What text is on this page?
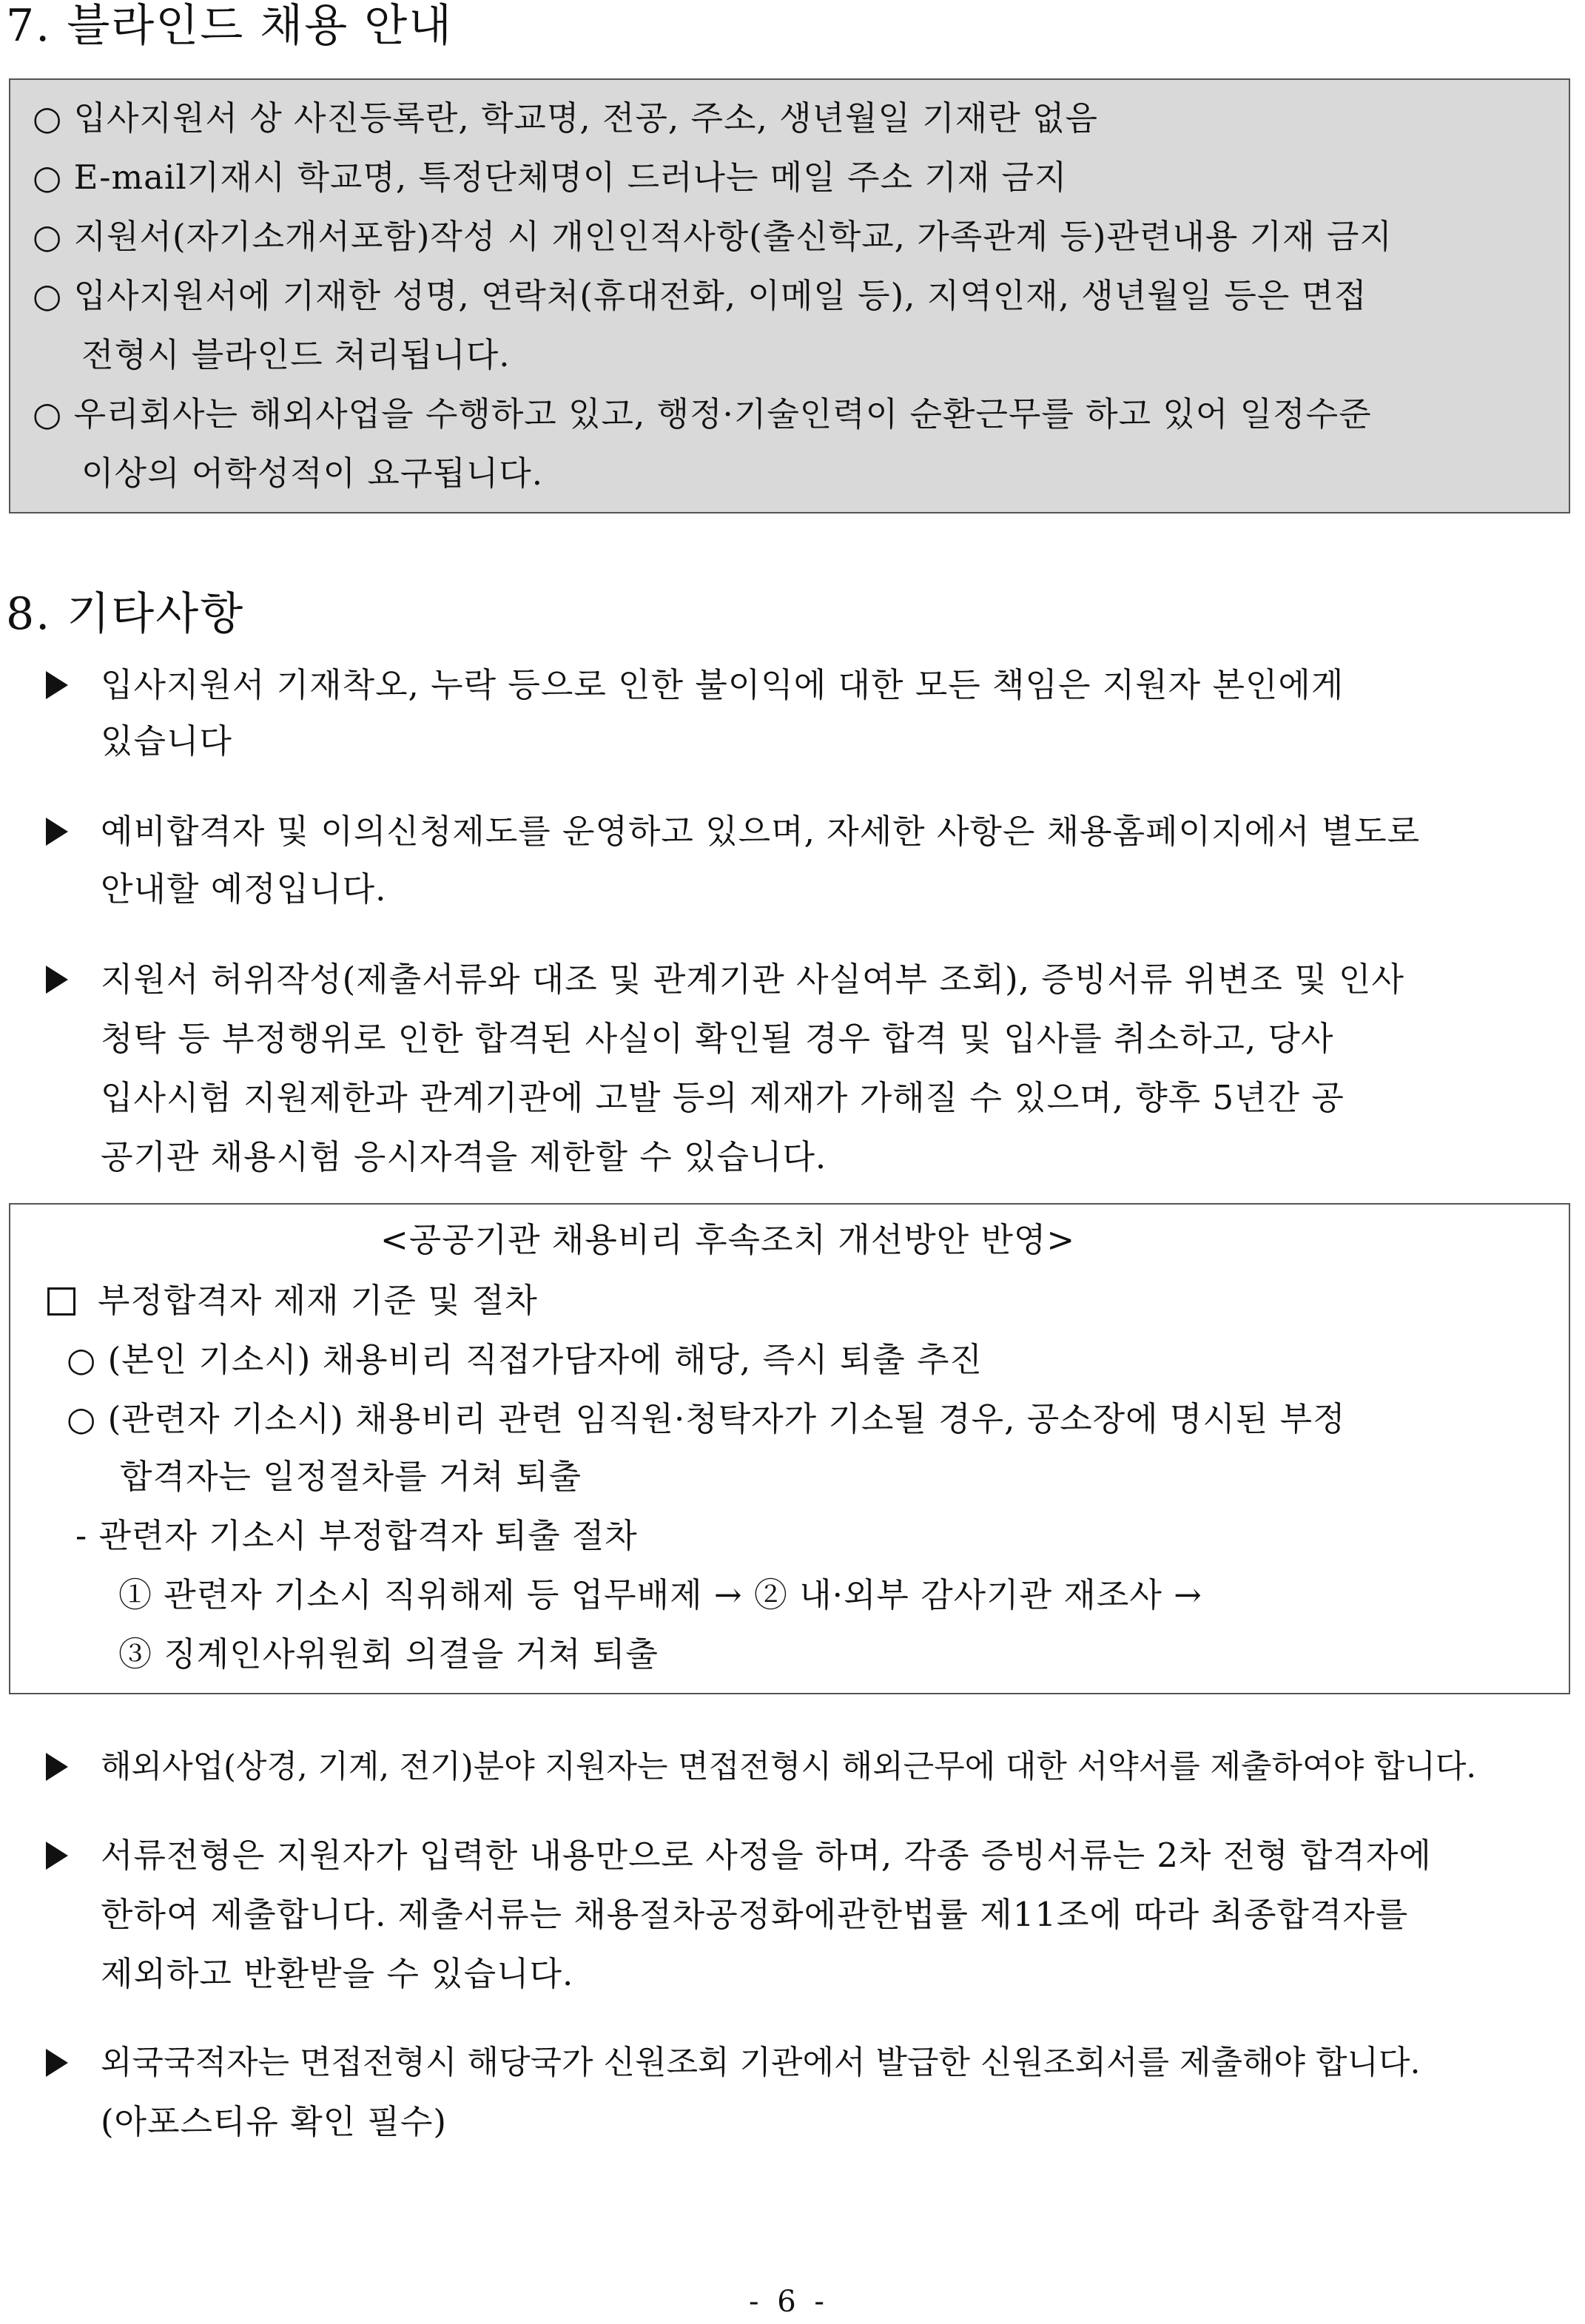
7. 블라인드 채용 안내
○ 입사지원서 상 사진등록란, 학교명, 전공, 주소, 생년월일 기재란 없음
○ E-mail기재시 학교명, 특정단체명이 드러나는 메일 주소 기재 금지
○ 지원서(자기소개서포함)작성 시 개인인적사항(출신학교, 가족관계 등)관련내용 기재 금지
○ 입사지원서에 기재한 성명, 연락처(휴대전화, 이메일 등), 지역인재, 생년월일 등은 면접
전형시 블라인드 처리됩니다.
○ 우리회사는 해외사업을 수행하고 있고, 행정·기술인력이 순환근무를 하고 있어 일정수준
이상의 어학성적이 요구됩니다.
8. 기타사항
입사지원서 기재착오, 누락 등으로 인한 불이익에 대한 모든 책임은 지원자 본인에게
있습니다
예비합격자 및 이의신청제도를 운영하고 있으며, 자세한 사항은 채용홈페이지에서 별도로
안내할 예정입니다.
지원서 허위작성(제출서류와 대조 및 관계기관 사실여부 조회), 증빙서류 위변조 및 인사
청탁 등 부정행위로 인한 합격된 사실이 확인될 경우 합격 및 입사를 취소하고, 당사
입사시험 지원제한과 관계기관에 고발 등의 제재가 가해질 수 있으며, 향후 5년간 공
공기관 채용시험 응시자격을 제한할 수 있습니다.
<공공기관 채용비리 후속조치 개선방안 반영>
부정합격자 제재 기준 및 절차
○ (본인 기소시) 채용비리 직접가담자에 해당, 즉시 퇴출 추진
○ (관련자 기소시) 채용비리 관련 임직원·청탁자가 기소될 경우, 공소장에 명시된 부정
합격자는 일정절차를 거쳐 퇴출
- 관련자 기소시 부정합격자 퇴출 절차
① 관련자 기소시 직위해제 등 업무배제 → ② 내·외부 감사기관 재조사 →
③ 징계인사위원회 의결을 거쳐 퇴출
해외사업(상경, 기계, 전기)분야 지원자는 면접전형시 해외근무에 대한 서약서를 제출하여야 합니다.
서류전형은 지원자가 입력한 내용만으로 사정을 하며, 각종 증빙서류는 2차 전형 합격자에
한하여 제출합니다. 제출서류는 채용절차공정화에관한법률 제11조에 따라 최종합격자를
제외하고 반환받을 수 있습니다.
외국국적자는 면접전형시 해당국가 신원조회 기관에서 발급한 신원조회서를 제출해야 합니다.
(아포스티유 확인 필수)
- 6 -
